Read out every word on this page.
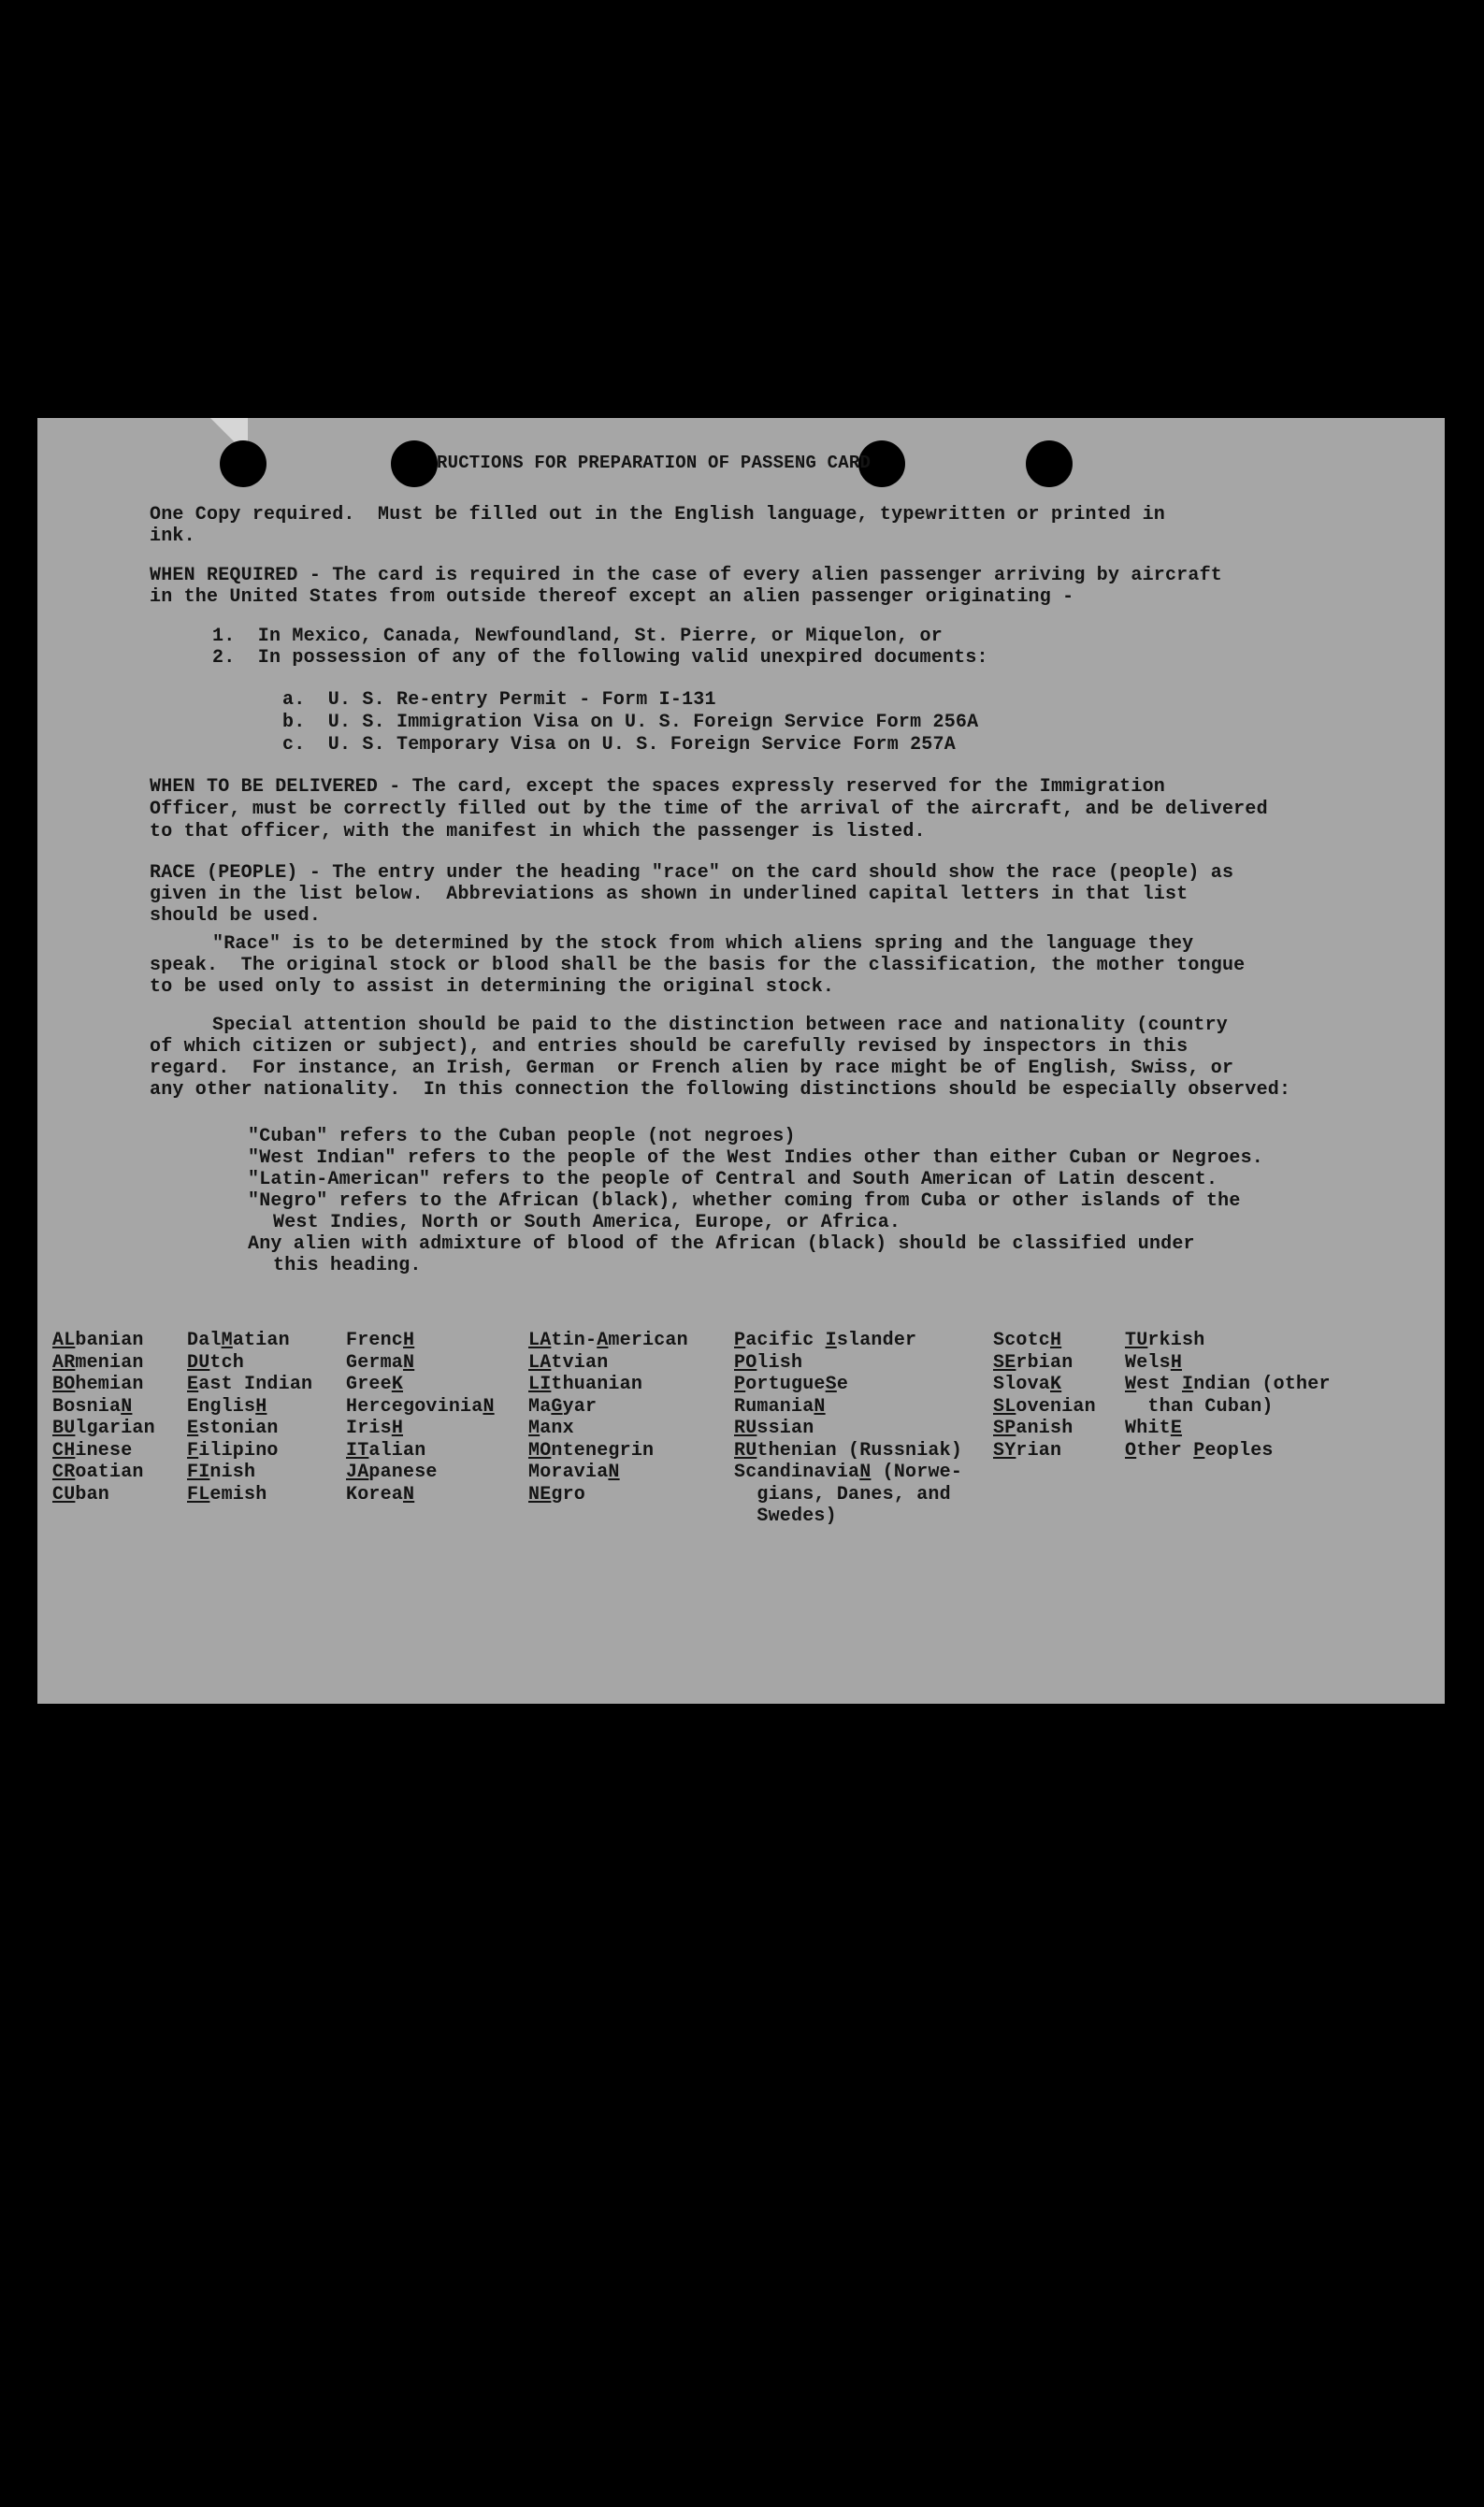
RUCTIONS FOR PREPARATION OF PASSENG CARD
One Copy required.  Must be filled out in the English language, typewritten or printed in
ink.
WHEN REQUIRED - The card is required in the case of every alien passenger arriving by aircraft
in the United States from outside thereof except an alien passenger originating -
1.  In Mexico, Canada, Newfoundland, St. Pierre, or Miquelon, or
2.  In possession of any of the following valid unexpired documents:
a.  U. S. Re-entry Permit - Form I-131
b.  U. S. Immigration Visa on U. S. Foreign Service Form 256A
c.  U. S. Temporary Visa on U. S. Foreign Service Form 257A
WHEN TO BE DELIVERED - The card, except the spaces expressly reserved for the Immigration
Officer, must be correctly filled out by the time of the arrival of the aircraft, and be delivered
to that officer, with the manifest in which the passenger is listed.
RACE (PEOPLE) - The entry under the heading "race" on the card should show the race (people) as
given in the list below.  Abbreviations as shown in underlined capital letters in that list
should be used.
"Race" is to be determined by the stock from which aliens spring and the language they
speak.  The original stock or blood shall be the basis for the classification, the mother tongue
to be used only to assist in determining the original stock.
Special attention should be paid to the distinction between race and nationality (country
of which citizen or subject), and entries should be carefully revised by inspectors in this
regard.  For instance, an Irish, German  or French alien by race might be of English, Swiss, or
any other nationality.  In this connection the following distinctions should be especially observed:
"Cuban" refers to the Cuban people (not negroes)
"West Indian" refers to the people of the West Indies other than either Cuban or Negroes.
"Latin-American" refers to the people of Central and South American of Latin descent.
"Negro" refers to the African (black), whether coming from Cuba or other islands of the
West Indies, North or South America, Europe, or Africa.
Any alien with admixture of blood of the African (black) should be classified under
this heading.
ALbanian
ARmenian
BOhemian
BosniaN
BUlgarian
CHinese
CRoatian
CUban
DalMatian
DUtch
East Indian
EnglisH
Estonian
Filipino
FInish
FLemish
FrencH
GermaN
GreeK
HercegoviniaN
IrisH
ITalian
JApanese
KoreaN
LAtin-American
LAtvian
LIthuanian
MaGyar
Manx
MOntenegrin
MoraviaN
NEgro
Pacific Islander
POlish
PortugueSe
RumaniaN
RUssian
RUthenian (Russniak)
ScandinaviaN (Norwe-
gians, Danes, and
Swedes)
ScotcH
SErbian
SlovaK
SLovenian
SPanish
SYrian
TUrkish
WelsH
West Indian (other
than Cuban)
WhitE
Other Peoples
